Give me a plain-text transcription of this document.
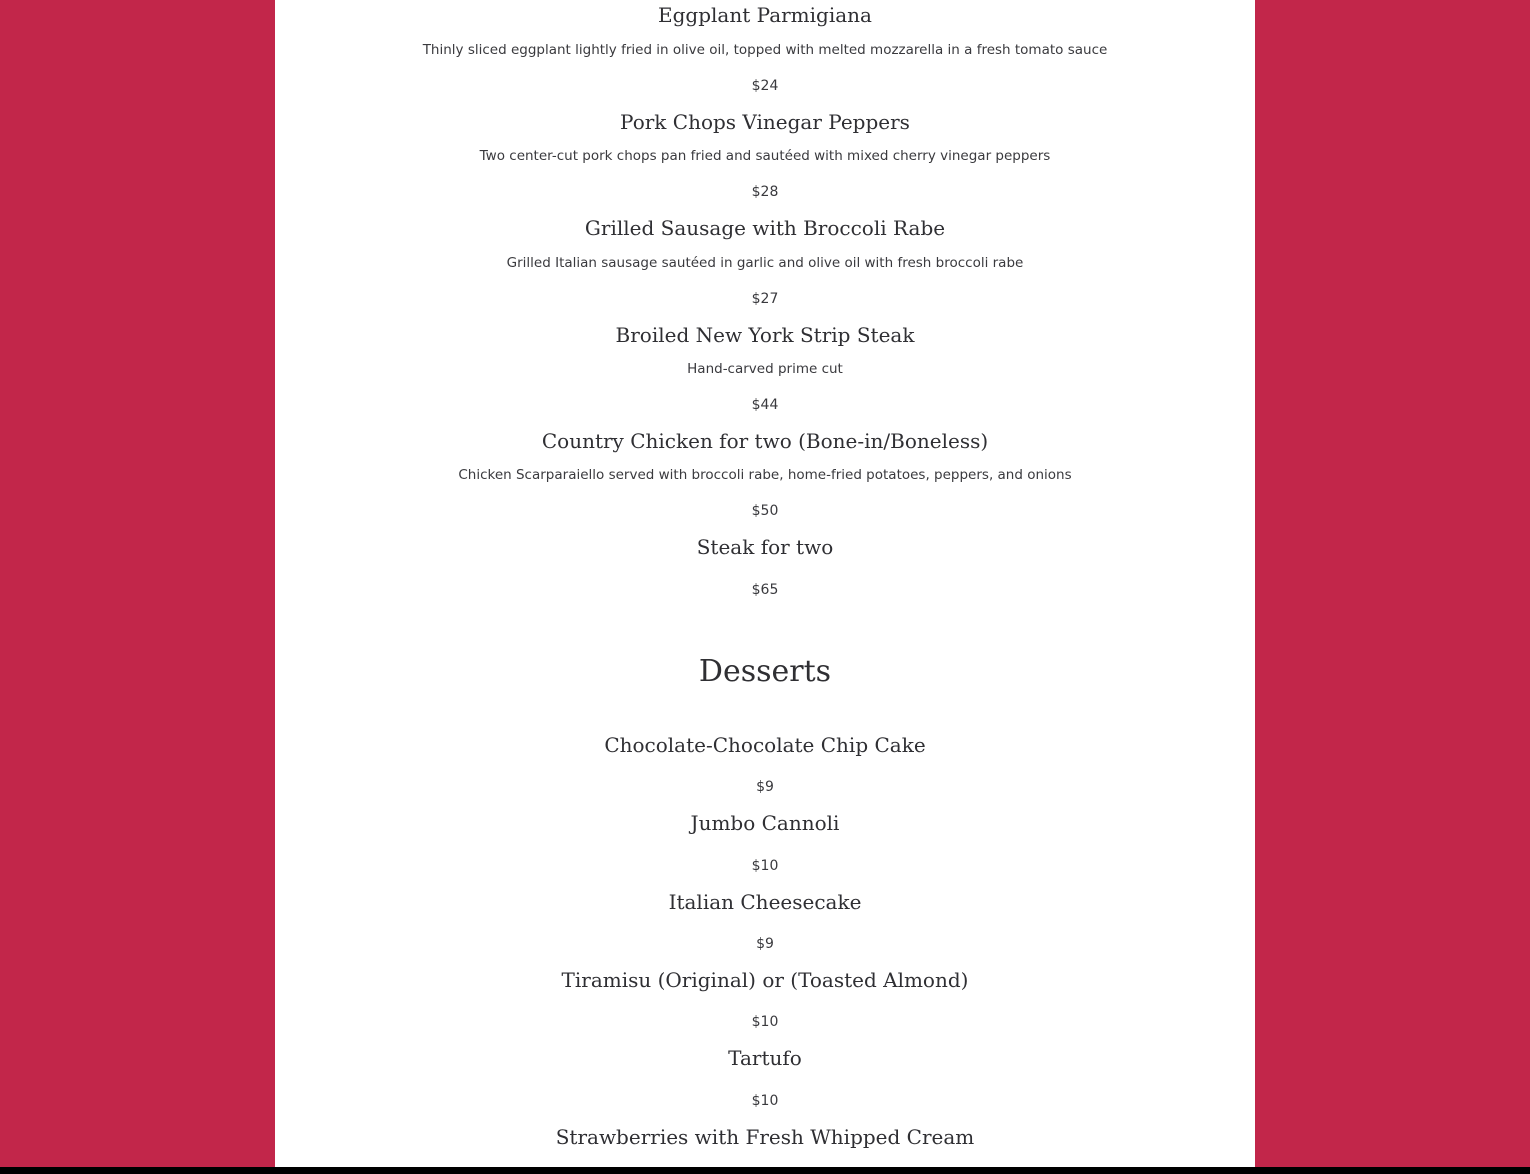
Eggplant Parmigiana
Thinly sliced eggplant lightly fried in olive oil, topped with melted mozzarella in a fresh tomato sauce
$24
Pork Chops Vinegar Peppers
Two center-cut pork chops pan fried and sautéed with mixed cherry vinegar peppers
$28
Grilled Sausage with Broccoli Rabe
Grilled Italian sausage sautéed in garlic and olive oil with fresh broccoli rabe
$27
Broiled New York Strip Steak
Hand-carved prime cut
$44
Country Chicken for two (Bone-in/Boneless)
Chicken Scarparaiello served with broccoli rabe, home-fried potatoes, peppers, and onions
$50
Steak for two
$65
Desserts
Chocolate-Chocolate Chip Cake
$9
Jumbo Cannoli
$10
Italian Cheesecake
$9
Tiramisu (Original) or (Toasted Almond)
$10
Tartufo
$10
Strawberries with Fresh Whipped Cream
